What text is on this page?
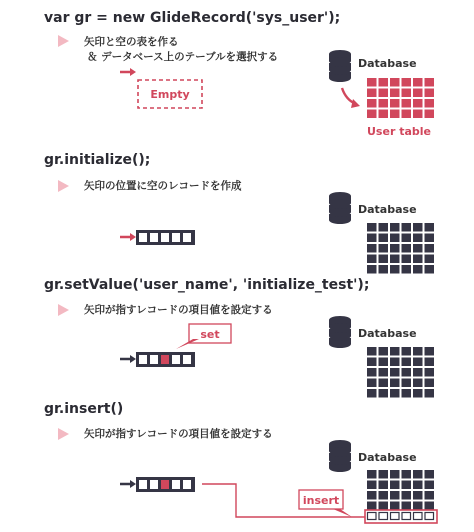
var gr = new GlideRecord('sys_user');
矢印と空の表を作る
＆ データベース上のテーブルを選択する
Empty
Database
User table
gr.initialize();
矢印の位置に空のレコードを作成
Database
gr.setValue('user_name', 'initialize_test');
矢印が指すレコードの項目値を設定する
set	Database
gr.insert()
矢印が指すレコードの項目値を設定する
insert
Database
